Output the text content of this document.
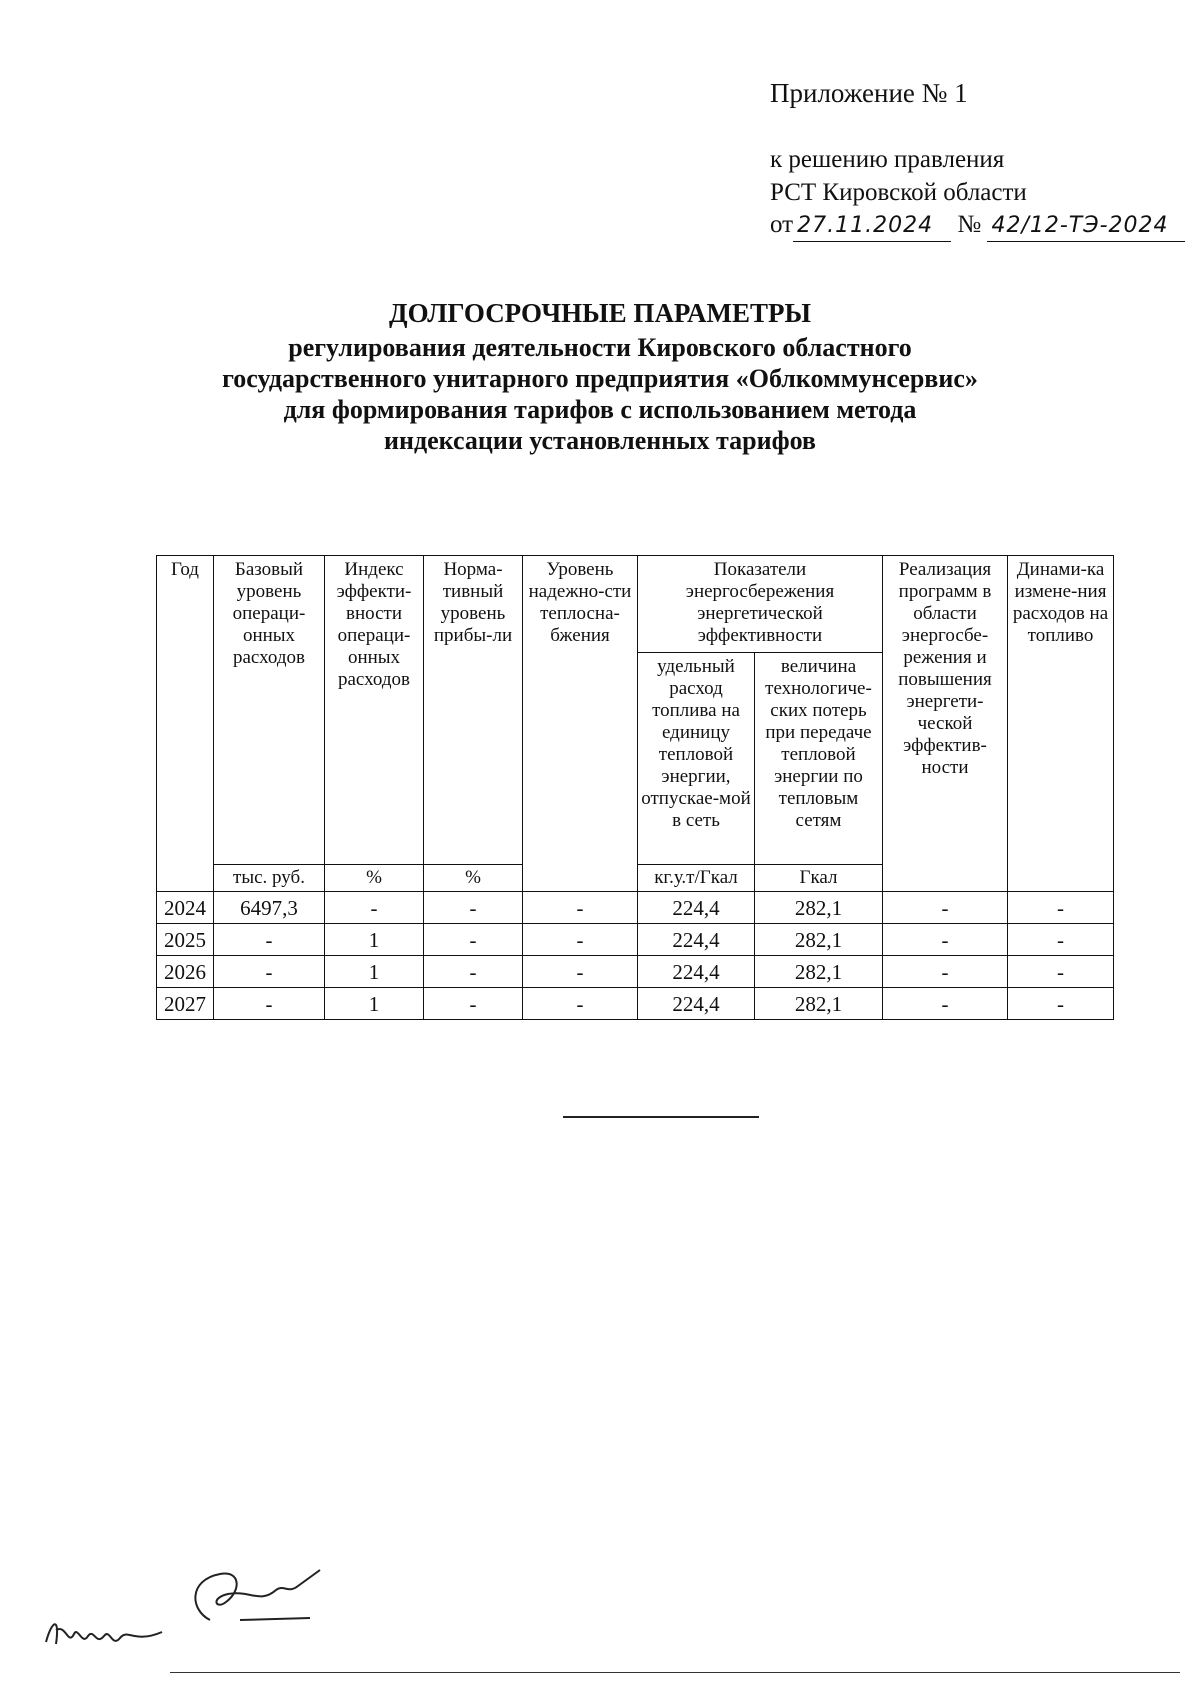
Приложение № 1
к решению правления
РСТ Кировской области
от 27.11.2024 № 42/12-ТЭ-2024
ДОЛГОСРОЧНЫЕ ПАРАМЕТРЫ
регулирования деятельности Кировского областного
государственного унитарного предприятия «Облкоммунсервис»
для формирования тарифов с использованием метода
индексации установленных тарифов
Год	Базовый уровень операци-онных расходов	Индекс эффекти-вности операци-онных расходов	Норма-тивный уровень прибы-ли	Уровень надежно-сти теплосна-бжения	Показатели энергосбережения энергетической эффективности		Реализация программ в области энергосбе-режения и повышения энергети-ческой эффектив-ности	Динами-ка измене-ния расходов на топливо
					удельный расход топлива на единицу тепловой энергии, отпускае-мой в сеть	величина технологиче-ских потерь при передаче тепловой энергии по тепловым сетям		
	тыс. руб.	%	%		кг.у.т/Гкал	Гкал		
2024	6497,3	-	-	-	224,4	282,1	-	-
2025	-	1	-	-	224,4	282,1	-	-
2026	-	1	-	-	224,4	282,1	-	-
2027	-	1	-	-	224,4	282,1	-	-
